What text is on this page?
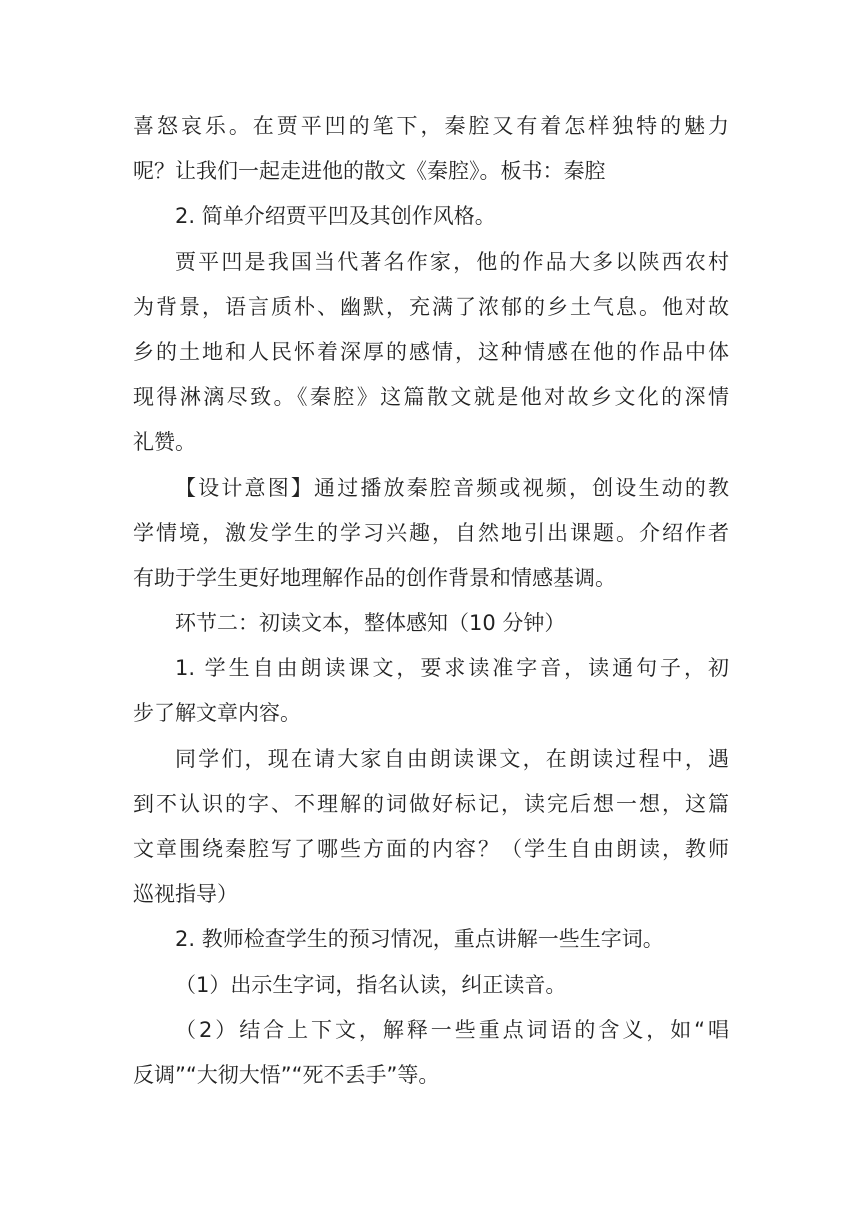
喜怒哀乐。在贾平凹的笔下，秦腔又有着怎样独特的魅力
呢？让我们一起走进他的散文《秦腔》。板书：秦腔
2. 简单介绍贾平凹及其创作风格。
贾平凹是我国当代著名作家，他的作品大多以陕西农村
为背景，语言质朴、幽默，充满了浓郁的乡土气息。他对故
乡的土地和人民怀着深厚的感情，这种情感在他的作品中体
现得淋漓尽致。《秦腔》这篇散文就是他对故乡文化的深情
礼赞。
【设计意图】通过播放秦腔音频或视频，创设生动的教
学情境，激发学生的学习兴趣，自然地引出课题。介绍作者
有助于学生更好地理解作品的创作背景和情感基调。
环节二：初读文本，整体感知（10 分钟）
1. 学生自由朗读课文，要求读准字音，读通句子，初
步了解文章内容。
同学们，现在请大家自由朗读课文，在朗读过程中，遇
到不认识的字、不理解的词做好标记，读完后想一想，这篇
文章围绕秦腔写了哪些方面的内容？（学生自由朗读，教师
巡视指导）
2. 教师检查学生的预习情况，重点讲解一些生字词。
（1）出示生字词，指名认读，纠正读音。
（2）结合上下文，解释一些重点词语的含义，如“唱
反调”“大彻大悟”“死不丢手”等。
